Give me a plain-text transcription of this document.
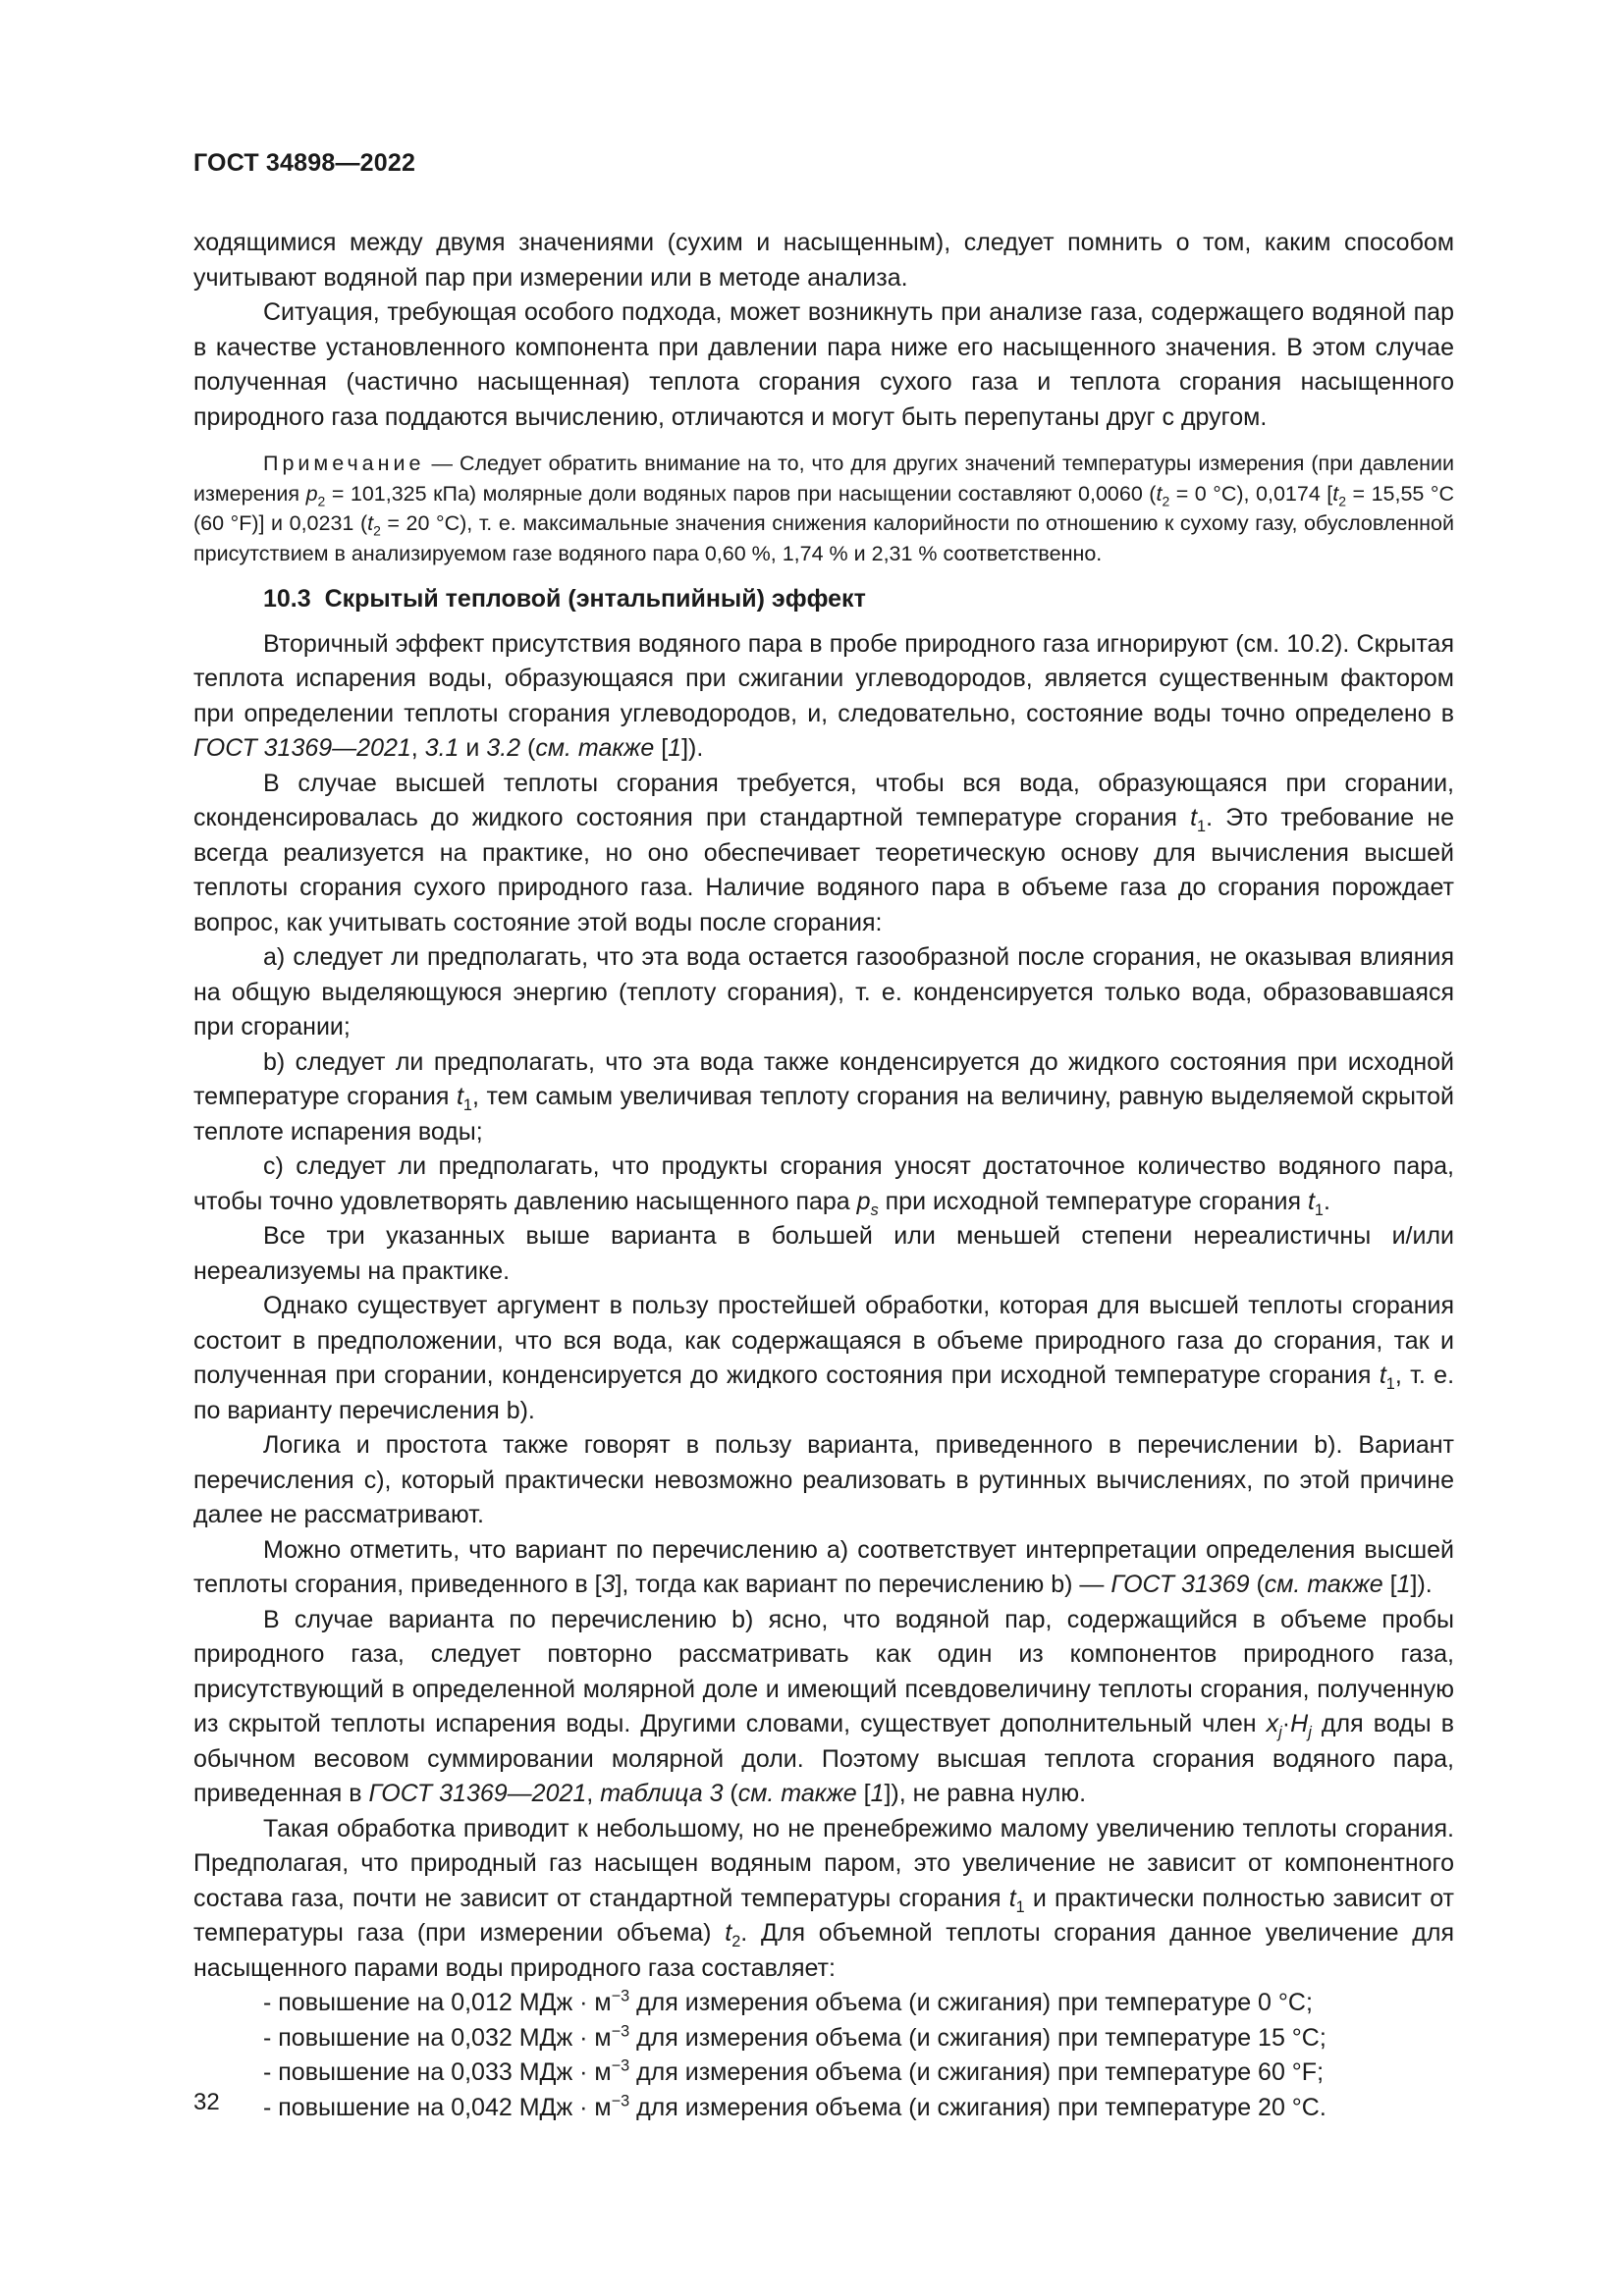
ГОСТ 34898—2022

ходящимися между двумя значениями (сухим и насыщенным), следует помнить о том, каким способом учитывают водяной пар при измерении или в методе анализа.

Ситуация, требующая особого подхода, может возникнуть при анализе газа, содержащего водяной пар в качестве установленного компонента при давлении пара ниже его насыщенного значения. В этом случае полученная (частично насыщенная) теплота сгорания сухого газа и теплота сгорания насыщенного природного газа поддаются вычислению, отличаются и могут быть перепутаны друг с другом.

Примечание — Следует обратить внимание на то, что для других значений температуры измерения (при давлении измерения $p_2 = 101,325$ кПа) молярные доли водяных паров при насыщении составляют 0,0060 ($t_2 = 0$ °C), 0,0174 [$t_2 = 15,55$ °C (60 °F)] и 0,0231 ($t_2 = 20$ °C), т. е. максимальные значения снижения калорийности по отношению к сухому газу, обусловленной присутствием в анализируемом газе водяного пара 0,60 %, 1,74 % и 2,31 % соответственно.

10.3 Скрытый тепловой (энтальпийный) эффект

Вторичный эффект присутствия водяного пара в пробе природного газа игнорируют (см. 10.2). Скрытая теплота испарения воды, образующаяся при сжигании углеводородов, является существенным фактором при определении теплоты сгорания углеводородов, и, следовательно, состояние воды точно определено в ГОСТ 31369—2021, 3.1 и 3.2 (см. также [1]).

В случае высшей теплоты сгорания требуется, чтобы вся вода, образующаяся при сгорании, сконденсировалась до жидкого состояния при стандартной температуре сгорания $t_1$. Это требование не всегда реализуется на практике, но оно обеспечивает теоретическую основу для вычисления высшей теплоты сгорания сухого природного газа. Наличие водяного пара в объеме газа до сгорания порождает вопрос, как учитывать состояние этой воды после сгорания:

a) следует ли предполагать, что эта вода остается газообразной после сгорания, не оказывая влияния на общую выделяющуюся энергию (теплоту сгорания), т. е. конденсируется только вода, образовавшаяся при сгорании;

b) следует ли предполагать, что эта вода также конденсируется до жидкого состояния при исходной температуре сгорания $t_1$, тем самым увеличивая теплоту сгорания на величину, равную выделяемой скрытой теплоте испарения воды;

c) следует ли предполагать, что продукты сгорания уносят достаточное количество водяного пара, чтобы точно удовлетворять давлению насыщенного пара $p_s$ при исходной температуре сгорания $t_1$.

Все три указанных выше варианта в большей или меньшей степени нереалистичны и/или нереализуемы на практике.

Однако существует аргумент в пользу простейшей обработки, которая для высшей теплоты сгорания состоит в предположении, что вся вода, как содержащаяся в объеме природного газа до сгорания, так и полученная при сгорании, конденсируется до жидкого состояния при исходной температуре сгорания $t_1$, т. е. по варианту перечисления b).

Логика и простота также говорят в пользу варианта, приведенного в перечислении b). Вариант перечисления c), который практически невозможно реализовать в рутинных вычислениях, по этой причине далее не рассматривают.

Можно отметить, что вариант по перечислению a) соответствует интерпретации определения высшей теплоты сгорания, приведенного в [3], тогда как вариант по перечислению b) — ГОСТ 31369 (см. также [1]).

В случае варианта по перечислению b) ясно, что водяной пар, содержащийся в объеме пробы природного газа, следует повторно рассматривать как один из компонентов природного газа, присутствующий в определенной молярной доле и имеющий псевдовеличину теплоты сгорания, полученную из скрытой теплоты испарения воды. Другими словами, существует дополнительный член $x_j\cdot H_j$ для воды в обычном весовом суммировании молярной доли. Поэтому высшая теплота сгорания водяного пара, приведенная в ГОСТ 31369—2021, таблица 3 (см. также [1]), не равна нулю.

Такая обработка приводит к небольшому, но не пренебрежимо малому увеличению теплоты сгорания. Предполагая, что природный газ насыщен водяным паром, это увеличение не зависит от компонентного состава газа, почти не зависит от стандартной температуры сгорания $t_1$ и практически полностью зависит от температуры газа (при измерении объема) $t_2$. Для объемной теплоты сгорания данное увеличение для насыщенного парами воды природного газа составляет:

- повышение на 0,012 МДж · $м^{-3}$ для измерения объема (и сжигания) при температуре 0 °C;

- повышение на 0,032 МДж · $м^{-3}$ для измерения объема (и сжигания) при температуре 15 °C;

- повышение на 0,033 МДж · $м^{-3}$ для измерения объема (и сжигания) при температуре 60 °F;

- повышение на 0,042 МДж · $м^{-3}$ для измерения объема (и сжигания) при температуре 20 °C.

32
